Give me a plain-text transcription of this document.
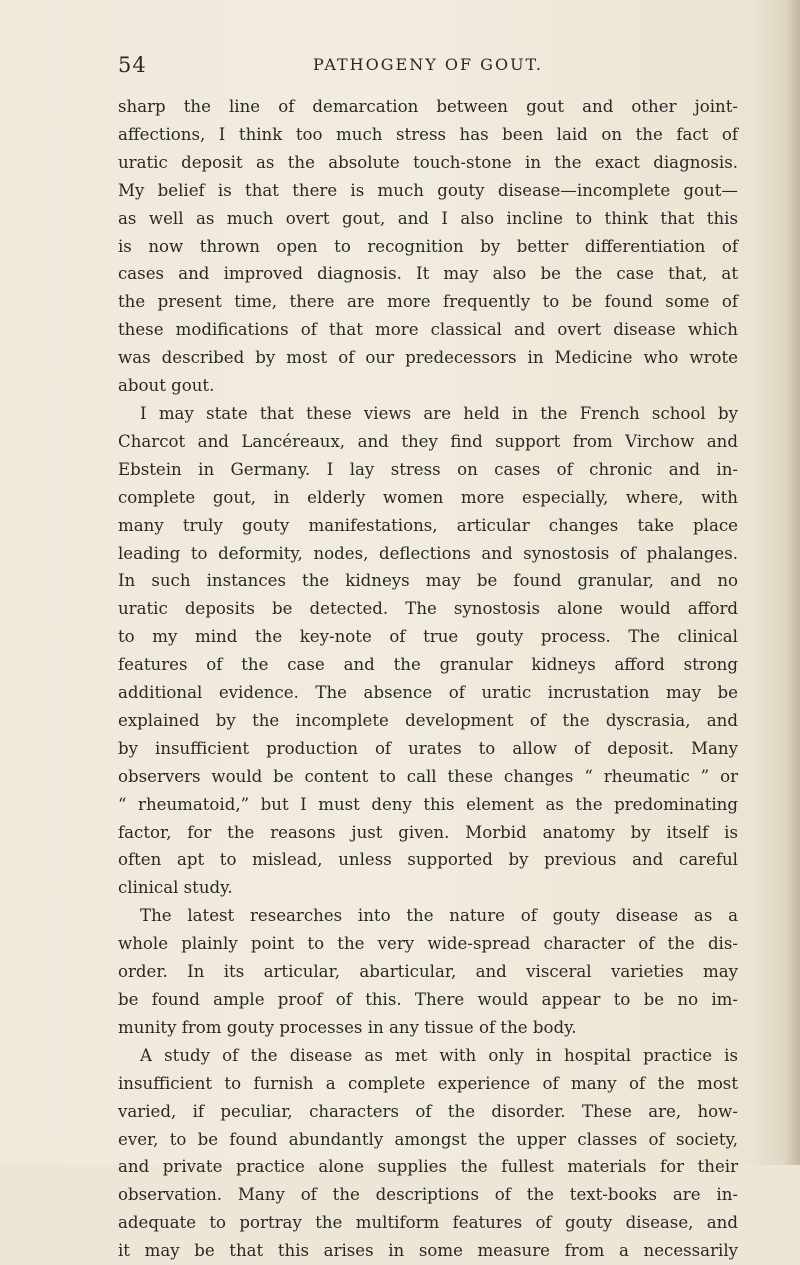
54	PATHOGENY OF GOUT.
sharp the line of demarcation between gout and other joint-
affections, I think too much stress has been laid on the fact of
uratic deposit as the absolute touch-stone in the exact diagnosis.
My belief is that there is much gouty disease—incomplete gout—
as well as much overt gout, and I also incline to think that this
is now thrown open to recognition by better differentiation of
cases and improved diagnosis. It may also be the case that, at
the present time, there are more frequently to be found some of
these modifications of that more classical and overt disease which
was described by most of our predecessors in Medicine who wrote
about gout.
I may state that these views are held in the French school by
Charcot and Lancéreaux, and they find support from Virchow and
Ebstein in Germany. I lay stress on cases of chronic and in-
complete gout, in elderly women more especially, where, with
many truly gouty manifestations, articular changes take place
leading to deformity, nodes, deflections and synostosis of phalanges.
In such instances the kidneys may be found granular, and no
uratic deposits be detected. The synostosis alone would afford
to my mind the key-note of true gouty process. The clinical
features of the case and the granular kidneys afford strong
additional evidence. The absence of uratic incrustation may be
explained by the incomplete development of the dyscrasia, and
by insufficient production of urates to allow of deposit. Many
observers would be content to call these changes “ rheumatic ” or
“ rheumatoid,” but I must deny this element as the predominating
factor, for the reasons just given. Morbid anatomy by itself is
often apt to mislead, unless supported by previous and careful
clinical study.
The latest researches into the nature of gouty disease as a
whole plainly point to the very wide-spread character of the dis-
order. In its articular, abarticular, and visceral varieties may
be found ample proof of this. There would appear to be no im-
munity from gouty processes in any tissue of the body.
A study of the disease as met with only in hospital practice is
insufficient to furnish a complete experience of many of the most
varied, if peculiar, characters of the disorder. These are, how-
ever, to be found abundantly amongst the upper classes of society,
and private practice alone supplies the fullest materials for their
observation. Many of the descriptions of the text-books are in-
adequate to portray the multiform features of gouty disease, and
it may be that this arises in some measure from a necessarily
